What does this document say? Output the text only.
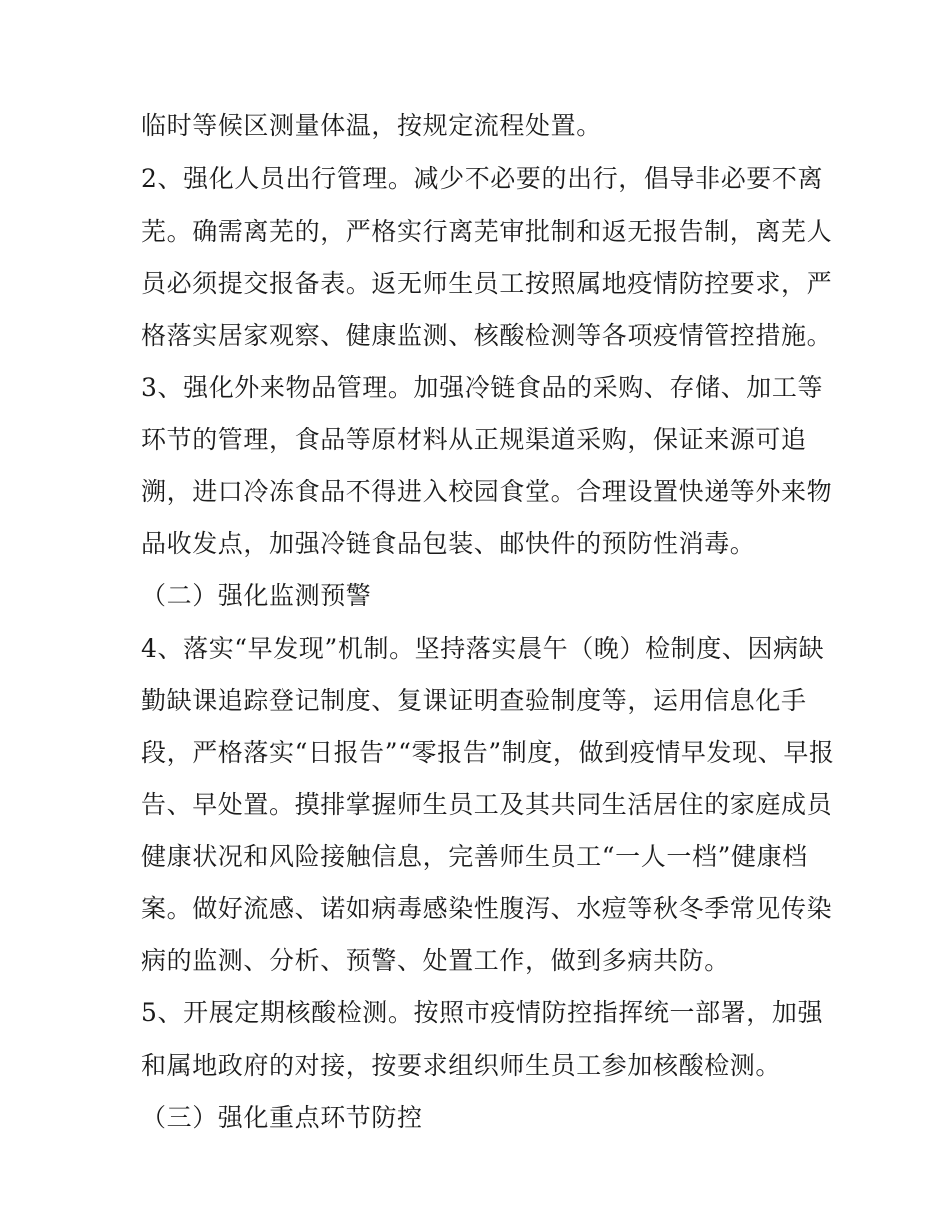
临时等候区测量体温，按规定流程处置。
2、强化人员出行管理。减少不必要的出行，倡导非必要不离
芜。确需离芜的，严格实行离芜审批制和返无报告制，离芜人
员必须提交报备表。返无师生员工按照属地疫情防控要求，严
格落实居家观察、健康监测、核酸检测等各项疫情管控措施。
3、强化外来物品管理。加强冷链食品的采购、存储、加工等
环节的管理，食品等原材料从正规渠道采购，保证来源可追
溯，进口冷冻食品不得进入校园食堂。合理设置快递等外来物
品收发点，加强冷链食品包装、邮快件的预防性消毒。
（二）强化监测预警
4、落实“早发现”机制。坚持落实晨午（晚）检制度、因病缺
勤缺课追踪登记制度、复课证明查验制度等，运用信息化手
段，严格落实“日报告”“零报告”制度，做到疫情早发现、早报
告、早处置。摸排掌握师生员工及其共同生活居住的家庭成员
健康状况和风险接触信息，完善师生员工“一人一档”健康档
案。做好流感、诺如病毒感染性腹泻、水痘等秋冬季常见传染
病的监测、分析、预警、处置工作，做到多病共防。
5、开展定期核酸检测。按照市疫情防控指挥统一部署，加强
和属地政府的对接，按要求组织师生员工参加核酸检测。
（三）强化重点环节防控
